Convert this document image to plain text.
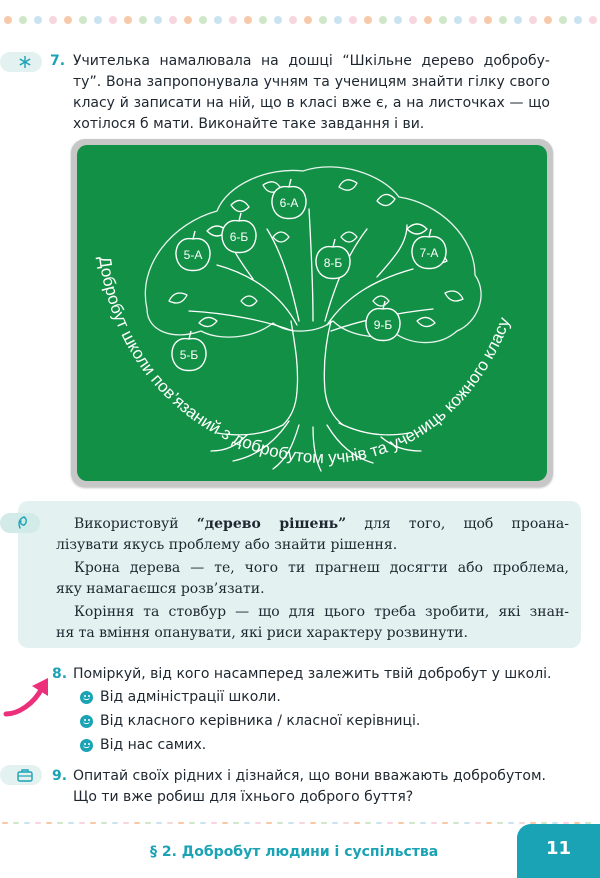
7. Учителька намалювала на дошці “Шкільне дерево добробу-
ту”. Вона запропонувала учням та ученицям знайти гілку свого
класу й записати на ній, що в класі вже є, а на листочках — що
хотілося б мати. Виконайте таке завдання і ви.
6-А
5-А
6-Б
8-Б
7-А
9-Б
5-Б
Добробут школи пов’язаний з добробутом учнів та учениць кожного класу
Використовуй “дерево рішень” для того, щоб проана-
лізувати якусь проблему або знайти рішення.
Крона дерева — те, чого ти прагнеш досягти або проблема,
яку намагаєшся розв’язати.
Коріння та стовбур — що для цього треба зробити, які знан-
ня та вміння опанувати, які риси характеру розвинути.
8. Поміркуй, від кого насамперед залежить твій добробут у школі.
Від адміністрації школи.
Від класного керівника / класної керівниці.
Від нас самих.
9. Опитай своїх рідних і дізнайся, що вони вважають добробутом.
Що ти вже робиш для їхнього доброго буття?
§ 2. Добробут людини і суспільства	11
